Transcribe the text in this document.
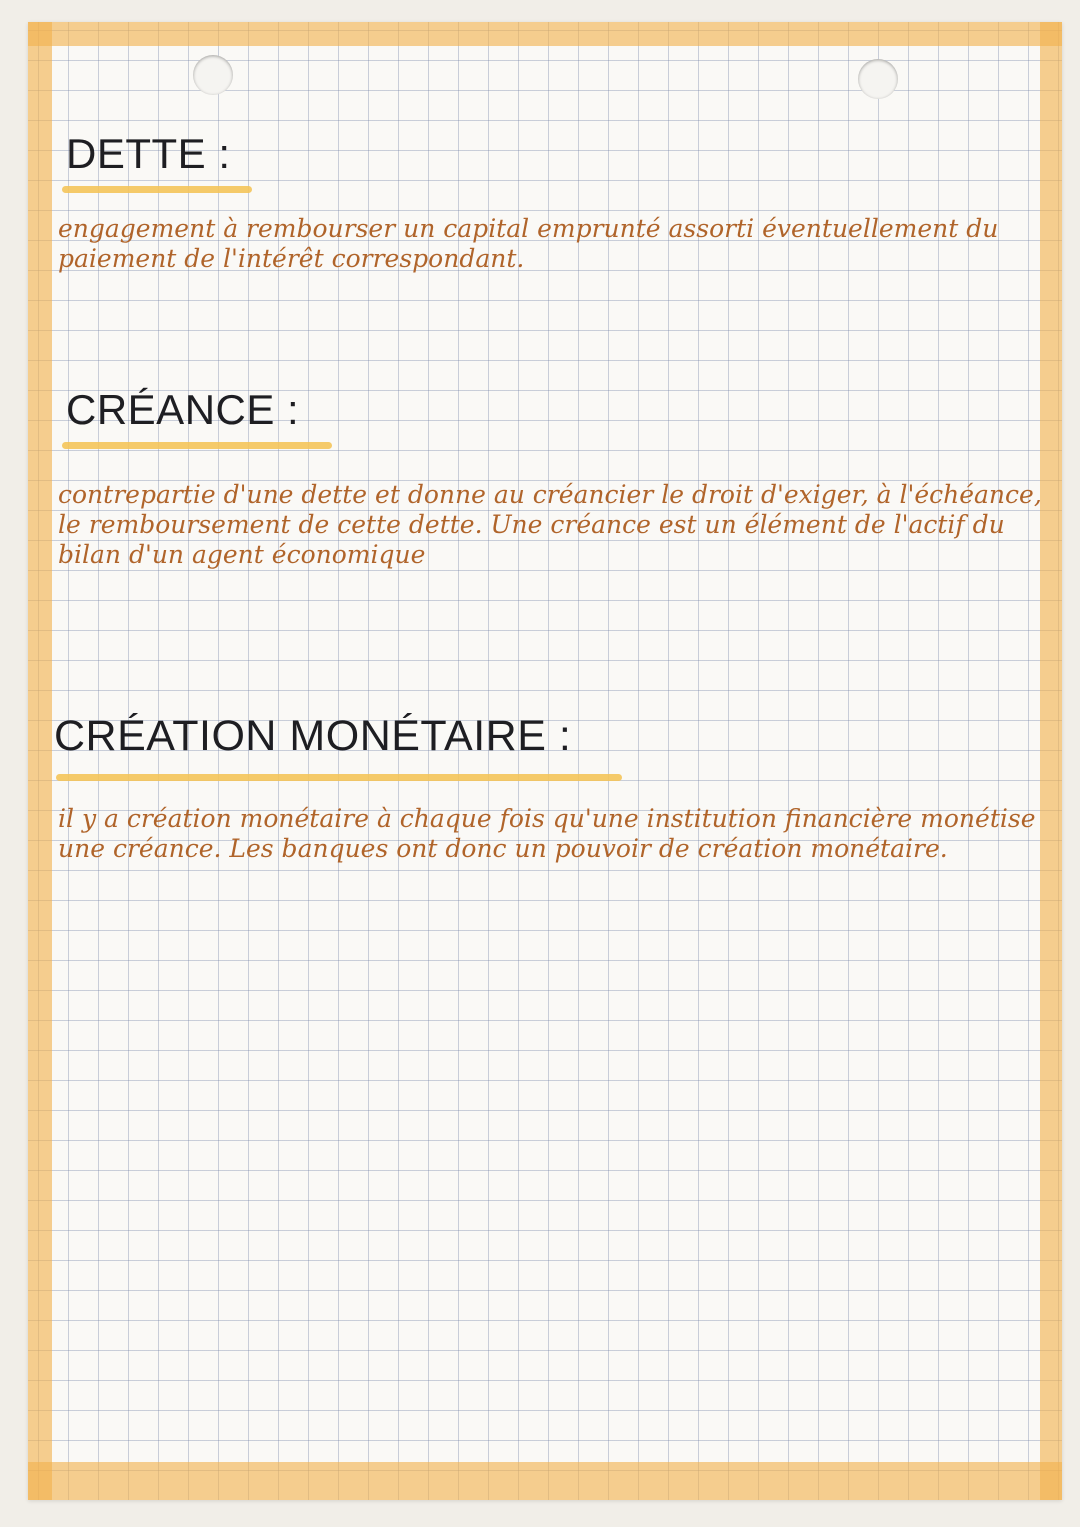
DETTE :

engagement à rembourser un capital emprunté assorti éventuellement du paiement de l'intérêt correspondant.

CRÉANCE :

contrepartie d'une dette et donne au créancier le droit d'exiger, à l'échéance, le remboursement de cette dette. Une créance est un élément de l'actif du bilan d'un agent économique

CRÉATION MONÉTAIRE :

il y a création monétaire à chaque fois qu'une institution financière monétise une créance. Les banques ont donc un pouvoir de création monétaire.
